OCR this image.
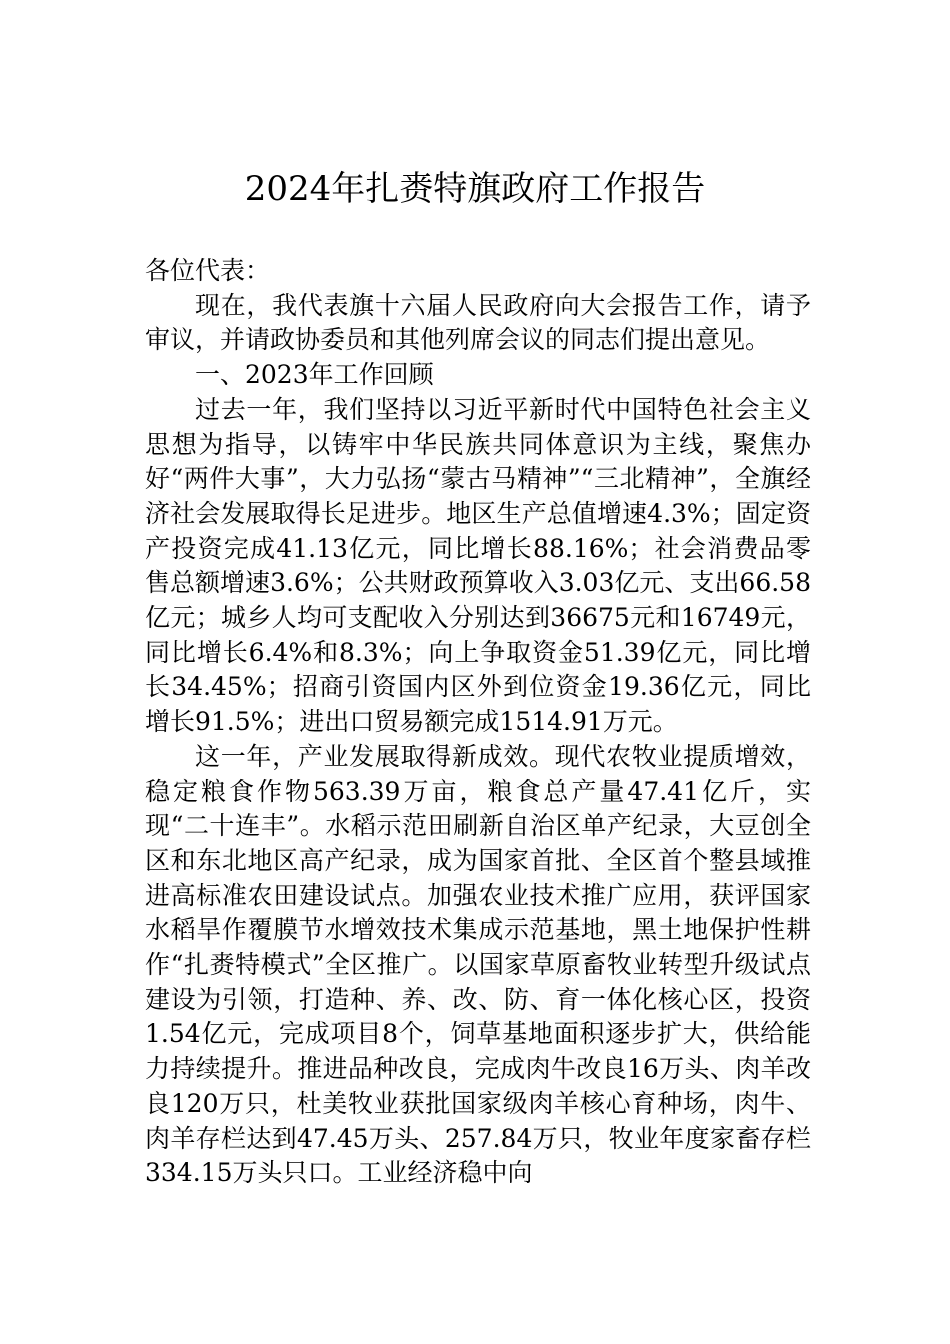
2024年扎赉特旗政府工作报告

各位代表：

现在，我代表旗十六届人民政府向大会报告工作，请予审议，并请政协委员和其他列席会议的同志们提出意见。

一、2023年工作回顾

过去一年，我们坚持以习近平新时代中国特色社会主义思想为指导，以铸牢中华民族共同体意识为主线，聚焦办好“两件大事”，大力弘扬“蒙古马精神”“三北精神”，全旗经济社会发展取得长足进步。地区生产总值增速4.3%；固定资产投资完成41.13亿元，同比增长88.16%；社会消费品零售总额增速3.6%；公共财政预算收入3.03亿元、支出66.58亿元；城乡人均可支配收入分别达到36675元和16749元，同比增长6.4%和8.3%；向上争取资金51.39亿元，同比增长34.45%；招商引资国内区外到位资金19.36亿元，同比增长91.5%；进出口贸易额完成1514.91万元。

这一年，产业发展取得新成效。现代农牧业提质增效，稳定粮食作物563.39万亩，粮食总产量47.41亿斤，实现“二十连丰”。水稻示范田刷新自治区单产纪录，大豆创全区和东北地区高产纪录，成为国家首批、全区首个整县域推进高标准农田建设试点。加强农业技术推广应用，获评国家水稻旱作覆膜节水增效技术集成示范基地，黑土地保护性耕作“扎赉特模式”全区推广。以国家草原畜牧业转型升级试点建设为引领，打造种、养、改、防、育一体化核心区，投资1.54亿元，完成项目8个，饲草基地面积逐步扩大，供给能力持续提升。推进品种改良，完成肉牛改良16万头、肉羊改良120万只，杜美牧业获批国家级肉羊核心育种场，肉牛、肉羊存栏达到47.45万头、257.84万只，牧业年度家畜存栏334.15万头只口。工业经济稳中向
